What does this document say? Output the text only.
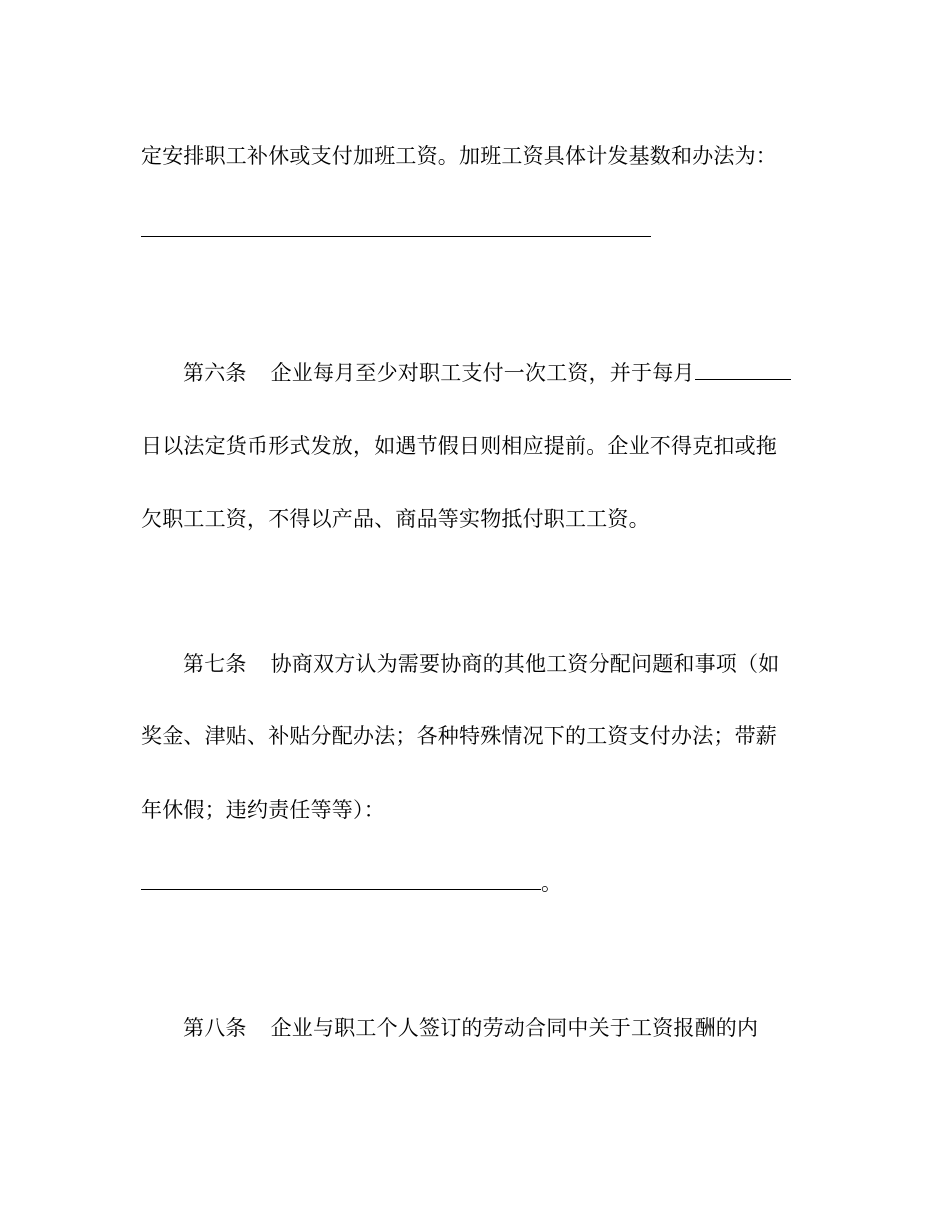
定安排职工补休或支付加班工资。加班工资具体计发基数和办法为：
第六条 企业每月至少对职工支付一次工资，并于每月
日以法定货币形式发放，如遇节假日则相应提前。企业不得克扣或拖
欠职工工资，不得以产品、商品等实物抵付职工工资。
第七条 协商双方认为需要协商的其他工资分配问题和事项（如
奖金、津贴、补贴分配办法；各种特殊情况下的工资支付办法；带薪
年休假；违约责任等等）：
。
第八条 企业与职工个人签订的劳动合同中关于工资报酬的内
